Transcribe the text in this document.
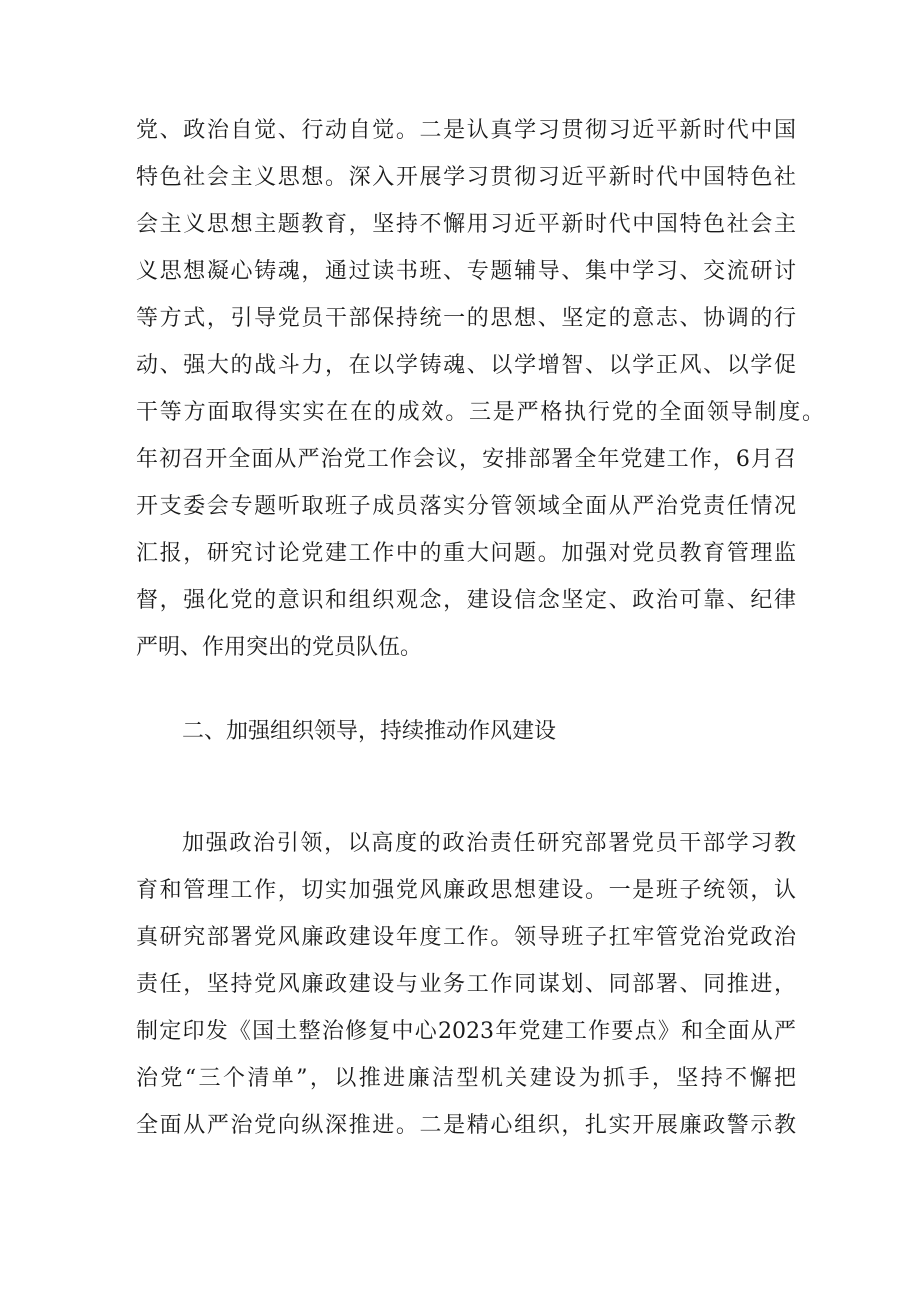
党、政治自觉、行动自觉。二是认真学习贯彻习近平新时代中国
特色社会主义思想。深入开展学习贯彻习近平新时代中国特色社
会主义思想主题教育，坚持不懈用习近平新时代中国特色社会主
义思想凝心铸魂，通过读书班、专题辅导、集中学习、交流研讨
等方式，引导党员干部保持统一的思想、坚定的意志、协调的行
动、强大的战斗力，在以学铸魂、以学增智、以学正风、以学促
干等方面取得实实在在的成效。三是严格执行党的全面领导制度。
年初召开全面从严治党工作会议，安排部署全年党建工作，6月召
开支委会专题听取班子成员落实分管领域全面从严治党责任情况
汇报，研究讨论党建工作中的重大问题。加强对党员教育管理监
督，强化党的意识和组织观念，建设信念坚定、政治可靠、纪律
严明、作用突出的党员队伍。
二、加强组织领导，持续推动作风建设
加强政治引领，以高度的政治责任研究部署党员干部学习教
育和管理工作，切实加强党风廉政思想建设。一是班子统领，认
真研究部署党风廉政建设年度工作。领导班子扛牢管党治党政治
责任，坚持党风廉政建设与业务工作同谋划、同部署、同推进，
制定印发《国土整治修复中心2023年党建工作要点》和全面从严
治党“三个清单”，以推进廉洁型机关建设为抓手，坚持不懈把
全面从严治党向纵深推进。二是精心组织，扎实开展廉政警示教
